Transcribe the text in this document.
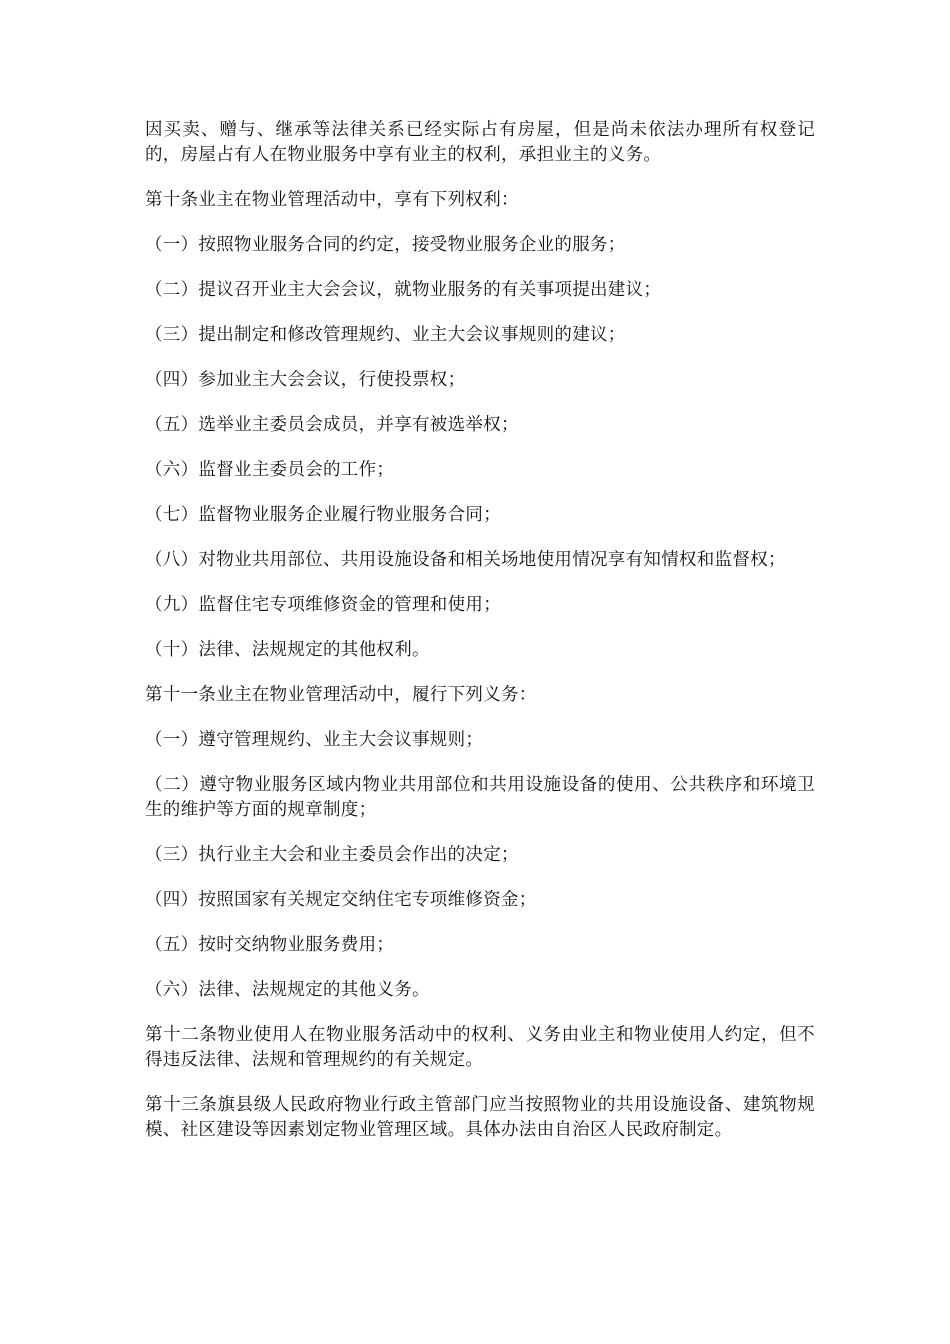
因买卖、赠与、继承等法律关系已经实际占有房屋，但是尚未依法办理所有权登记的，房屋占有人在物业服务中享有业主的权利，承担业主的义务。

第十条业主在物业管理活动中，享有下列权利：

（一）按照物业服务合同的约定，接受物业服务企业的服务；

（二）提议召开业主大会会议，就物业服务的有关事项提出建议；

（三）提出制定和修改管理规约、业主大会议事规则的建议；

（四）参加业主大会会议，行使投票权；

（五）选举业主委员会成员，并享有被选举权；

（六）监督业主委员会的工作；

（七）监督物业服务企业履行物业服务合同；

（八）对物业共用部位、共用设施设备和相关场地使用情况享有知情权和监督权；

（九）监督住宅专项维修资金的管理和使用；

（十）法律、法规规定的其他权利。

第十一条业主在物业管理活动中，履行下列义务：

（一）遵守管理规约、业主大会议事规则；

（二）遵守物业服务区域内物业共用部位和共用设施设备的使用、公共秩序和环境卫生的维护等方面的规章制度；

（三）执行业主大会和业主委员会作出的决定；

（四）按照国家有关规定交纳住宅专项维修资金；

（五）按时交纳物业服务费用；

（六）法律、法规规定的其他义务。

第十二条物业使用人在物业服务活动中的权利、义务由业主和物业使用人约定，但不得违反法律、法规和管理规约的有关规定。

第十三条旗县级人民政府物业行政主管部门应当按照物业的共用设施设备、建筑物规模、社区建设等因素划定物业管理区域。具体办法由自治区人民政府制定。
